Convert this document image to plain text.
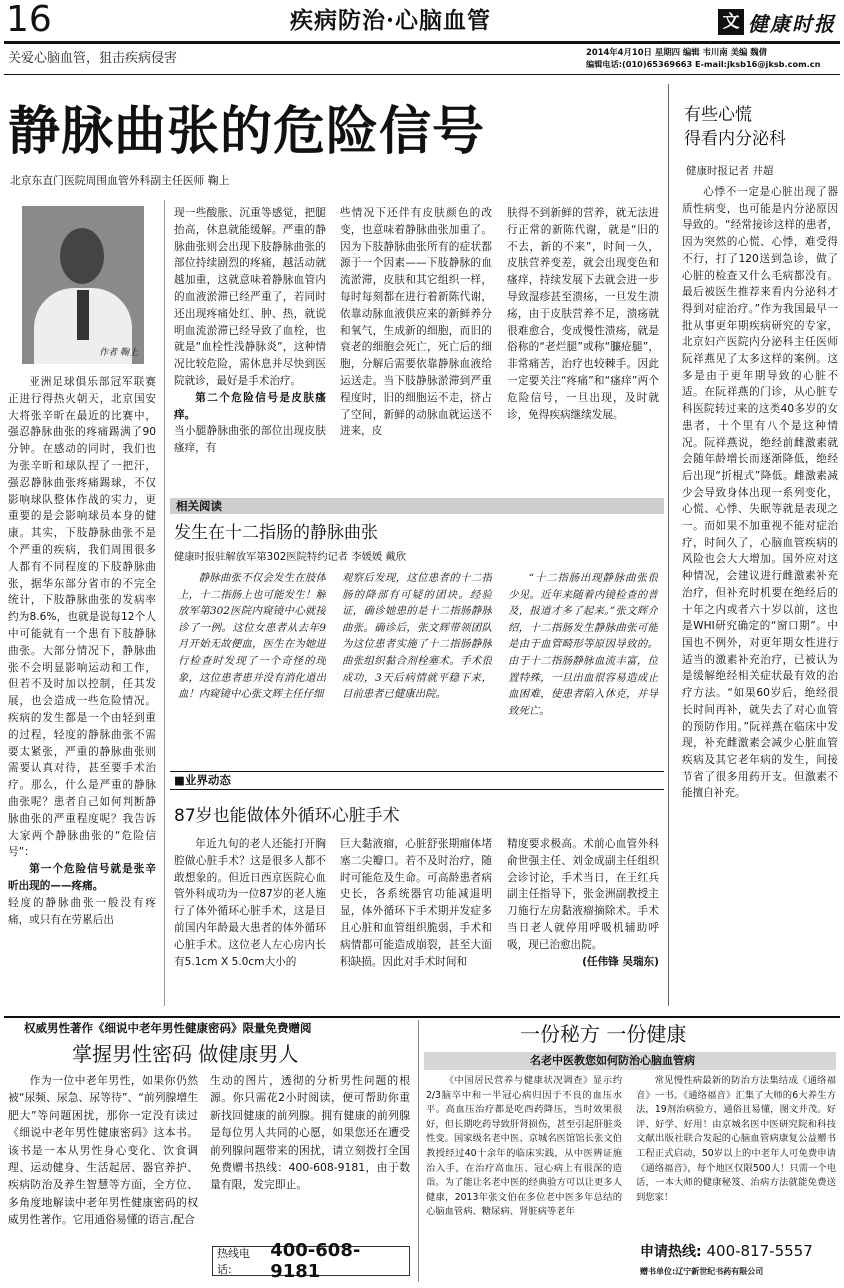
16	疾病防治·心脑血管	文 健康时报
关爱心脑血管，狙击疾病侵害	2014年4月10日 星期四 编辑 韦川南 美编 魏倩
编辑电话:(010)65369663 E-mail:jksb16@jksb.com.cn
静脉曲张的危险信号
北京东直门医院周围血管外科副主任医师 鞠上
作者 鞠上

亚洲足球俱乐部冠军联赛正进行得热火朝天，北京国安大将张辛昕在最近的比赛中，强忍静脉曲张的疼痛踢满了90分钟。在感动的同时，我们也为张辛昕和球队捏了一把汗，强忍静脉曲张疼痛踢球，不仅影响球队整体作战的实力，更重要的是会影响球员本身的健康。其实，下肢静脉曲张不是个严重的疾病，我们周围很多人都有不同程度的下肢静脉曲张，据华东部分省市的不完全统计，下肢静脉曲张的发病率约为8.6%，也就是说每12个人中可能就有一个患有下肢静脉曲张。大部分情况下，静脉曲张不会明显影响运动和工作，但若不及时加以控制，任其发展，也会造成一些危险情况。疾病的发生都是一个由轻到重的过程，轻度的静脉曲张不需要太紧张，严重的静脉曲张则需要认真对待，甚至要手术治疗。那么，什么是严重的静脉曲张呢？患者自己如何判断静脉曲张的严重程度呢？我告诉大家两个静脉曲张的“危险信号”：

第一个危险信号就是张辛昕出现的——疼痛。

轻度的静脉曲张一般没有疼痛，或只有在劳累后出

现一些酸胀、沉重等感觉，把腿抬高，休息就能缓解。严重的静脉曲张则会出现下肢静脉曲张的部位持续剧烈的疼痛，越活动就越加重，这就意味着静脉血管内的血液淤滞已经严重了，若同时还出现疼痛处红、肿、热，就说明血流淤滞已经导致了血栓，也就是“血栓性浅静脉炎”，这种情况比较危险，需休息并尽快到医院就诊，最好是手术治疗。

第二个危险信号是皮肤瘙痒。

当小腿静脉曲张的部位出现皮肤瘙痒，有

些情况下还伴有皮肤颜色的改变，也意味着静脉曲张加重了。因为下肢静脉曲张所有的症状都源于一个因素——下肢静脉的血流淤滞，皮肤和其它组织一样，每时每刻都在进行着新陈代谢，依靠动脉血液供应来的新鲜养分和氧气，生成新的细胞，而旧的衰老的细胞会死亡，死亡后的细胞，分解后需要依靠静脉血液给运送走。当下肢静脉淤滞到严重程度时，旧的细胞运不走，挤占了空间，新鲜的动脉血就运送不进来，皮

肤得不到新鲜的营养，就无法进行正常的新陈代谢，就是“旧的不去，新的不来”，时间一久，皮肤营养变差，就会出现变色和瘙痒，持续发展下去就会进一步导致湿疹甚至溃疡，一旦发生溃疡，由于皮肤营养不足，溃疡就很难愈合，变成慢性溃疡，就是俗称的“老烂腿”或称“臁疮腿”，非常痛苦，治疗也较棘手。因此一定要关注“疼痛”和“瘙痒”两个危险信号，一旦出现，及时就诊，免得疾病继续发展。

相关阅读
发生在十二指肠的静脉曲张
健康时报驻解放军第302医院特约记者 李媛媛 戴欣

静脉曲张不仅会发生在肢体上，十二指肠上也可能发生！解放军第302医院内窥镜中心就接诊了一例。这位女患者从去年9月开始无故便血，医生在为她进行检查时发现了一个奇怪的现象，这位患者患并没有消化道出血！内窥镜中心张文辉主任仔细

观察后发现，这位患者的十二指肠的降部有可疑的团块。经验证，确诊她患的是十二指肠静脉曲张。确诊后，张文辉带领团队为这位患者实施了十二指肠静脉曲张组织黏合剂栓塞术。手术很成功，3天后病情就平稳下来，目前患者已健康出院。

“十二指肠出现静脉曲张很少见。近年来随着内镜检查的普及，报道才多了起来。”张文辉介绍，十二指肠发生静脉曲张可能是由于血管畸形等原因导致的。由于十二指肠静脉血流丰富，位置特殊，一旦出血很容易造成止血困难，使患者陷入休克，并导致死亡。

■业界动态
87岁也能做体外循环心脏手术

年近九旬的老人还能打开胸腔做心脏手术？这是很多人都不敢想象的。但近日西京医院心血管外科成功为一位87岁的老人施行了体外循环心脏手术，这是目前国内年龄最大患者的体外循环心脏手术。这位老人左心房内长有5.1cm X 5.0cm大小的

巨大黏液瘤，心脏舒张期瘤体堵塞二尖瓣口。若不及时治疗，随时可能危及生命。可高龄患者病史长，各系统器官功能减退明显，体外循环下手术期并发症多且心脏和血管组织脆弱，手术和病情都可能造成崩裂，甚至大面积缺损。因此对手术时间和

精度要求极高。术前心血管外科俞世强主任、刘金成副主任组织会诊讨论，手术当日，在王红兵副主任指导下，张金洲副教授主刀施行左房黏液瘤摘除术。手术当日老人就停用呼吸机辅助呼吸，现已治愈出院。

(任伟锋 吴瑞东)

有些心慌
得看内分泌科
健康时报记者 井超

心悸不一定是心脏出现了器质性病变，也可能是内分泌原因导致的。“经常接诊这样的患者，因为突然的心慌、心悸，难受得不行，打了120送到急诊，做了心脏的检查又什么毛病都没有。最后被医生推荐来看内分泌科才得到对症治疗。”作为我国最早一批从事更年期疾病研究的专家，北京妇产医院内分泌科主任医师阮祥燕见了太多这样的案例。这多是由于更年期导致的心脏不适。在阮祥燕的门诊，从心脏专科医院转过来的这类40多岁的女患者，十个里有八个是这种情况。阮祥燕说，绝经前雌激素就会随年龄增长而逐渐降低，绝经后出现“折棍式”降低。雌激素减少会导致身体出现一系列变化，心慌、心悸、失眠等就是表现之一。而如果不加重视不能对症治疗，时间久了，心脑血管疾病的风险也会大大增加。国外应对这种情况，会建议进行雌激素补充治疗，但补充时机要在绝经后的十年之内或者六十岁以前，这也是WHI研究确定的“窗口期”。中国也不例外，对更年期女性进行适当的激素补充治疗，已被认为是缓解绝经相关症状最有效的治疗方法。“如果60岁后，绝经很长时间再补，就失去了对心血管的预防作用。”阮祥燕在临床中发现，补充雌激素会减少心脏血管疾病及其它老年病的发生，间接节省了很多用药开支。但激素不能擅自补充。

权威男性著作《细说中老年男性健康密码》限量免费赠阅
掌握男性密码 做健康男人

作为一位中老年男性，如果你仍然被“尿频、尿急、尿等待”、“前列腺增生肥大”等问题困扰，那你一定没有读过《细说中老年男性健康密码》这本书。该书是一本从男性身心变化、饮食调理、运动健身、生活起居、器官养护、疾病防治及养生智慧等方面，全方位、多角度地解读中老年男性健康密码的权威男性著作。它用通俗易懂的语言,配合

生动的图片，透彻的分析男性问题的根源。你只需花2小时阅读，便可帮助你重新找回健康的前列腺。拥有健康的前列腺是每位男人共同的心愿，如果您还在遭受前列腺问题带来的困扰，请立刻拨打全国免费赠书热线：400-608-9181，由于数量有限，发完即止。

热线电话:
400-608-9181
一份秘方 一份健康
名老中医教您如何防治心脑血管病

《中国居民营养与健康状况调查》显示约2/3脑卒中和一半冠心病归因于不良的血压水平。高血压治疗都是吃西药降压，当时效果很好，但长期吃药导致肝肾损伤，甚至引起肝脏炎性变。国家级名老中医、京城名医馆馆长张文伯教授经过40十余年的临床实践，从中医辨证施治入手，在治疗高血压、冠心病上有很深的造诣。为了能让名老中医的经典验方可以让更多人健康，2013年张文伯在多位老中医多年总结的心脑血管病、糖尿病、肾脏病等老年

常见慢性病最新的防治方法集结成《通络福音》一书。《通络福音》汇集了大师的6大养生方法，19剂治病验方，通俗且易懂，图文并茂。好评、好学、好用！由京城名医中医研究院和科技文献出版社联合发起的心脑血管病康复公益赠书工程正式启动，50岁以上的中老年人可免费申请《通络福音》，每个地区仅限500人！只需一个电话，一本大师的健康秘笈、治病方法就能免费送到您家！

申请热线: 400-817-5557
赠书单位:辽宁新世纪书药有限公司
